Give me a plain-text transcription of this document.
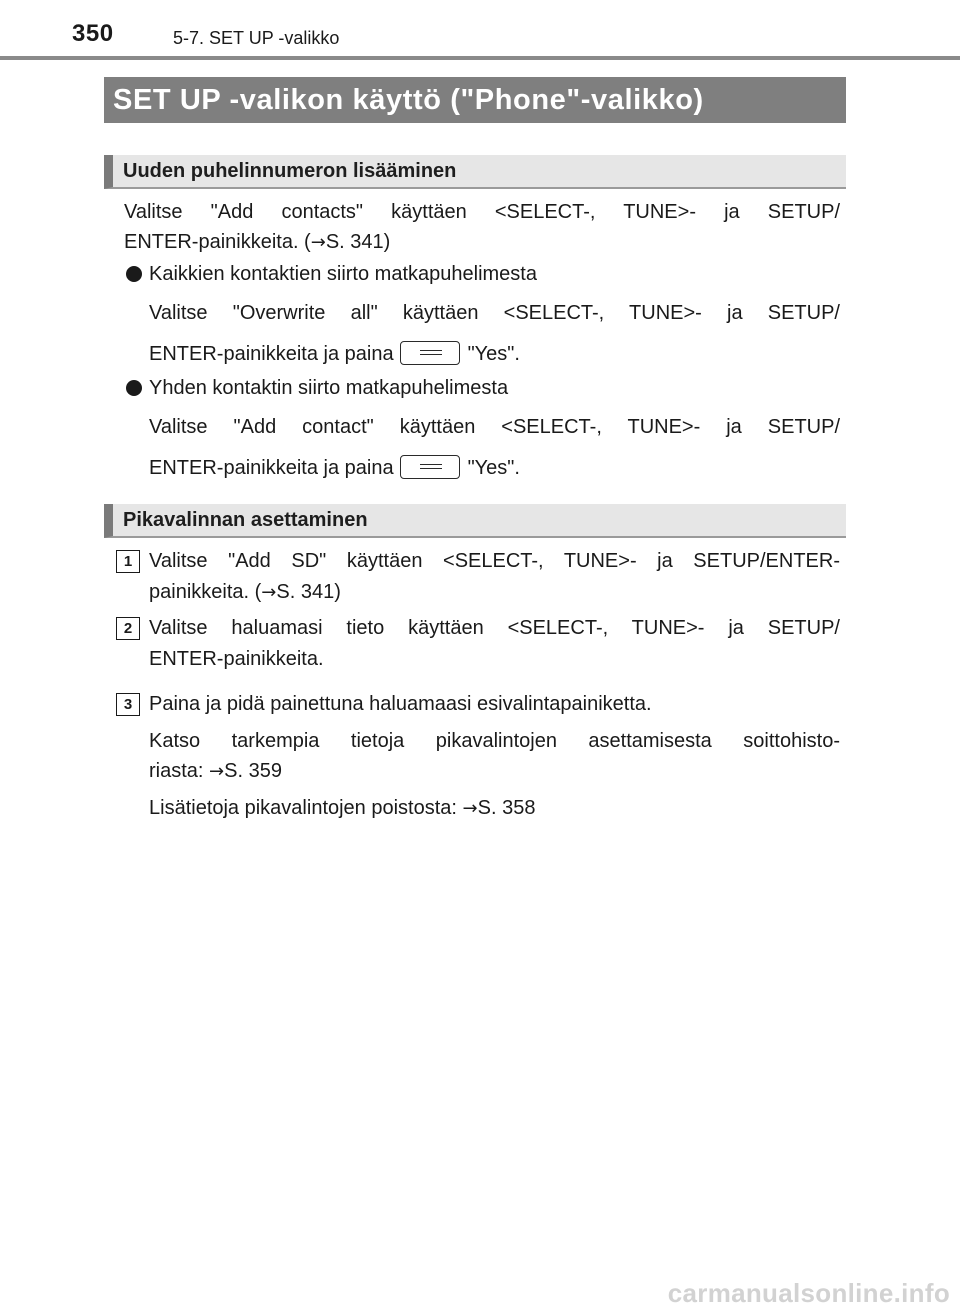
350	5-7. SET UP -valikko
SET UP -valikon käyttö ("Phone"-valikko)
Uuden puhelinnumeron lisääminen
Valitse "Add contacts" käyttäen <SELECT-, TUNE>- ja SETUP/
ENTER-painikkeita. (→S. 341)
Kaikkien kontaktien siirto matkapuhelimesta
Valitse "Overwrite all" käyttäen <SELECT-, TUNE>- ja SETUP/
ENTER-painikkeita ja paina	"Yes".
Yhden kontaktin siirto matkapuhelimesta
Valitse "Add contact" käyttäen <SELECT-, TUNE>- ja SETUP/
ENTER-painikkeita ja paina	"Yes".
Pikavalinnan asettaminen
1 Valitse "Add SD" käyttäen <SELECT-, TUNE>- ja SETUP/ENTER-
painikkeita. (→S. 341)
2 Valitse haluamasi tieto käyttäen <SELECT-, TUNE>- ja SETUP/
ENTER-painikkeita.
3 Paina ja pidä painettuna haluamaasi esivalintapainiketta.
Katso tarkempia tietoja pikavalintojen asettamisesta soittohisto-
riasta: →S. 359
Lisätietoja pikavalintojen poistosta: →S. 358
carmanualsonline.info
